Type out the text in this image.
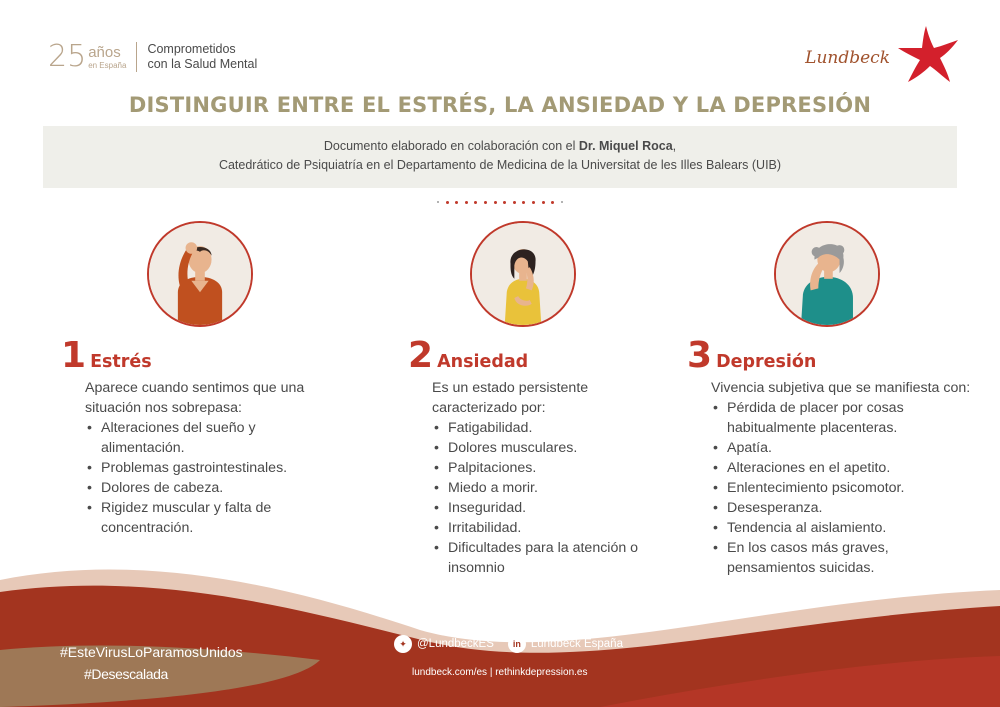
25 años
en España
Comprometidos
con la Salud Mental	Lundbeck
DISTINGUIR ENTRE EL ESTRÉS, LA ANSIEDAD Y LA DEPRESIÓN
Documento elaborado en colaboración con el Dr. Miquel Roca,
Catedrático de Psiquiatría en el Departamento de Medicina de la Universitat de les Illes Balears (UIB)
1 Estrés
Aparece cuando sentimos que una situación nos sobrepasa:
• Alteraciones del sueño y alimentación.
• Problemas gastrointestinales.
• Dolores de cabeza.
• Rigidez muscular y falta de concentración.
2 Ansiedad
Es un estado persistente caracterizado por:
• Fatigabilidad.
• Dolores musculares.
• Palpitaciones.
• Miedo a morir.
• Inseguridad.
• Irritabilidad.
• Dificultades para la atención o insomnio
3 Depresión
Vivencia subjetiva que se manifiesta con:
• Pérdida de placer por cosas habitualmente placenteras.
• Apatía.
• Alteraciones en el apetito.
• Enlentecimiento psicomotor.
• Desesperanza.
• Tendencia al aislamiento.
• En los casos más graves, pensamientos suicidas.
#EsteVirusLoParamosUnidos
#Desescalada
✦ @LundbeckES	in Lundbeck España
lundbeck.com/es | rethinkdepression.es
